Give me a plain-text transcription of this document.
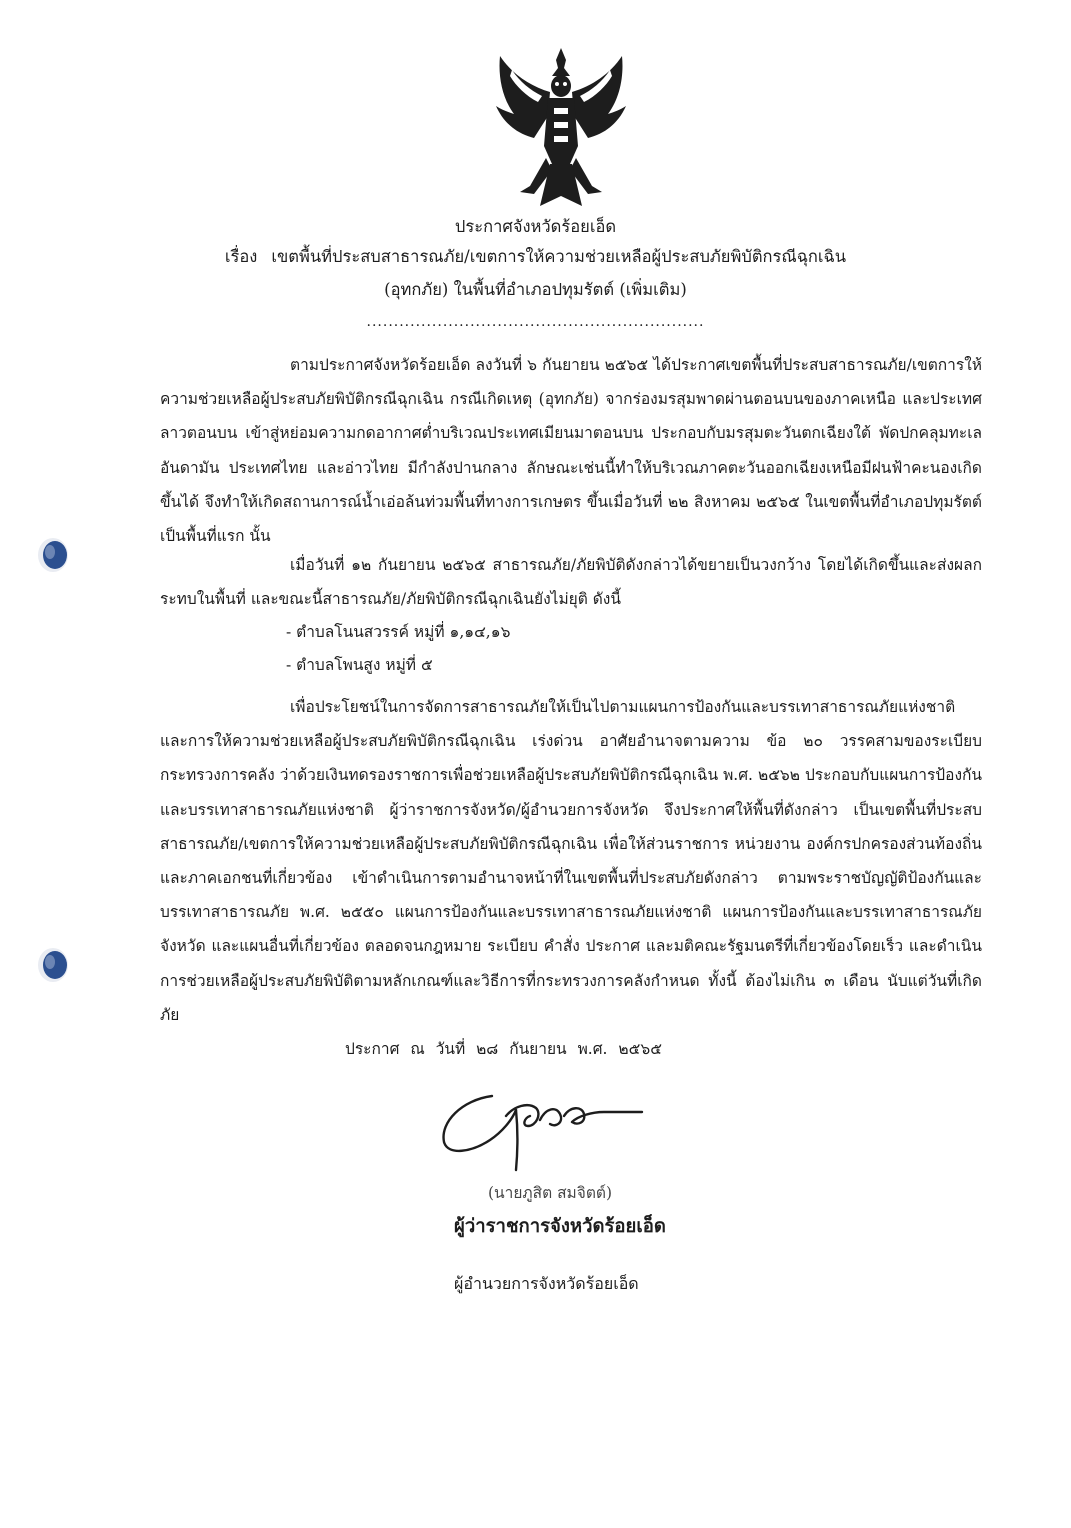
ประกาศจังหวัดร้อยเอ็ด
เรื่อง เขตพื้นที่ประสบสาธารณภัย/เขตการให้ความช่วยเหลือผู้ประสบภัยพิบัติกรณีฉุกเฉิน
(อุทกภัย) ในพื้นที่อำเภอปทุมรัตต์ (เพิ่มเติม)
..............................................................

ตามประกาศจังหวัดร้อยเอ็ด ลงวันที่ ๖ กันยายน ๒๕๖๕ ได้ประกาศเขตพื้นที่ประสบสาธารณภัย/เขตการให้ความช่วยเหลือผู้ประสบภัยพิบัติกรณีฉุกเฉิน กรณีเกิดเหตุ (อุทกภัย) จากร่องมรสุมพาดผ่านตอนบนของภาคเหนือ และประเทศลาวตอนบน เข้าสู่หย่อมความกดอากาศต่ำบริเวณประเทศเมียนมาตอนบน ประกอบกับมรสุมตะวันตกเฉียงใต้ พัดปกคลุมทะเลอันดามัน ประเทศไทย และอ่าวไทย มีกำลังปานกลาง ลักษณะเช่นนี้ทำให้บริเวณภาคตะวันออกเฉียงเหนือมีฝนฟ้าคะนองเกิดขึ้นได้ จึงทำให้เกิดสถานการณ์น้ำเอ่อล้นท่วมพื้นที่ทางการเกษตร ขึ้นเมื่อวันที่ ๒๒ สิงหาคม ๒๕๖๕ ในเขตพื้นที่อำเภอปทุมรัตต์ เป็นพื้นที่แรก นั้น

เมื่อวันที่ ๑๒ กันยายน ๒๕๖๕ สาธารณภัย/ภัยพิบัติดังกล่าวได้ขยายเป็นวงกว้าง โดยได้เกิดขึ้นและส่งผลกระทบในพื้นที่ และขณะนี้สาธารณภัย/ภัยพิบัติกรณีฉุกเฉินยังไม่ยุติ ดังนี้

- ตำบลโนนสวรรค์ หมู่ที่ ๑,๑๔,๑๖
- ตำบลโพนสูง หมู่ที่ ๕

เพื่อประโยชน์ในการจัดการสาธารณภัยให้เป็นไปตามแผนการป้องกันและบรรเทาสาธารณภัยแห่งชาติและการให้ความช่วยเหลือผู้ประสบภัยพิบัติกรณีฉุกเฉิน เร่งด่วน อาศัยอำนาจตามความ ข้อ ๒๐ วรรคสามของระเบียบกระทรวงการคลัง ว่าด้วยเงินทดรองราชการเพื่อช่วยเหลือผู้ประสบภัยพิบัติกรณีฉุกเฉิน พ.ศ. ๒๕๖๒ ประกอบกับแผนการป้องกันและบรรเทาสาธารณภัยแห่งชาติ ผู้ว่าราชการจังหวัด/ผู้อำนวยการจังหวัด จึงประกาศให้พื้นที่ดังกล่าว เป็นเขตพื้นที่ประสบสาธารณภัย/เขตการให้ความช่วยเหลือผู้ประสบภัยพิบัติกรณีฉุกเฉิน เพื่อให้ส่วนราชการ หน่วยงาน องค์กรปกครองส่วนท้องถิ่น และภาคเอกชนที่เกี่ยวข้อง เข้าดำเนินการตามอำนาจหน้าที่ในเขตพื้นที่ประสบภัยดังกล่าว ตามพระราชบัญญัติป้องกันและบรรเทาสาธารณภัย พ.ศ. ๒๕๕๐ แผนการป้องกันและบรรเทาสาธารณภัยแห่งชาติ แผนการป้องกันและบรรเทาสาธารณภัยจังหวัด และแผนอื่นที่เกี่ยวข้อง ตลอดจนกฎหมาย ระเบียบ คำสั่ง ประกาศ และมติคณะรัฐมนตรีที่เกี่ยวข้องโดยเร็ว และดำเนินการช่วยเหลือผู้ประสบภัยพิบัติตามหลักเกณฑ์และวิธีการที่กระทรวงการคลังกำหนด ทั้งนี้ ต้องไม่เกิน ๓ เดือน นับแต่วันที่เกิดภัย

ประกาศ ณ วันที่ ๒๘ กันยายน พ.ศ. ๒๕๖๕
(นายภูสิต สมจิตต์)
ผู้ว่าราชการจังหวัดร้อยเอ็ด
ผู้อำนวยการจังหวัดร้อยเอ็ด
